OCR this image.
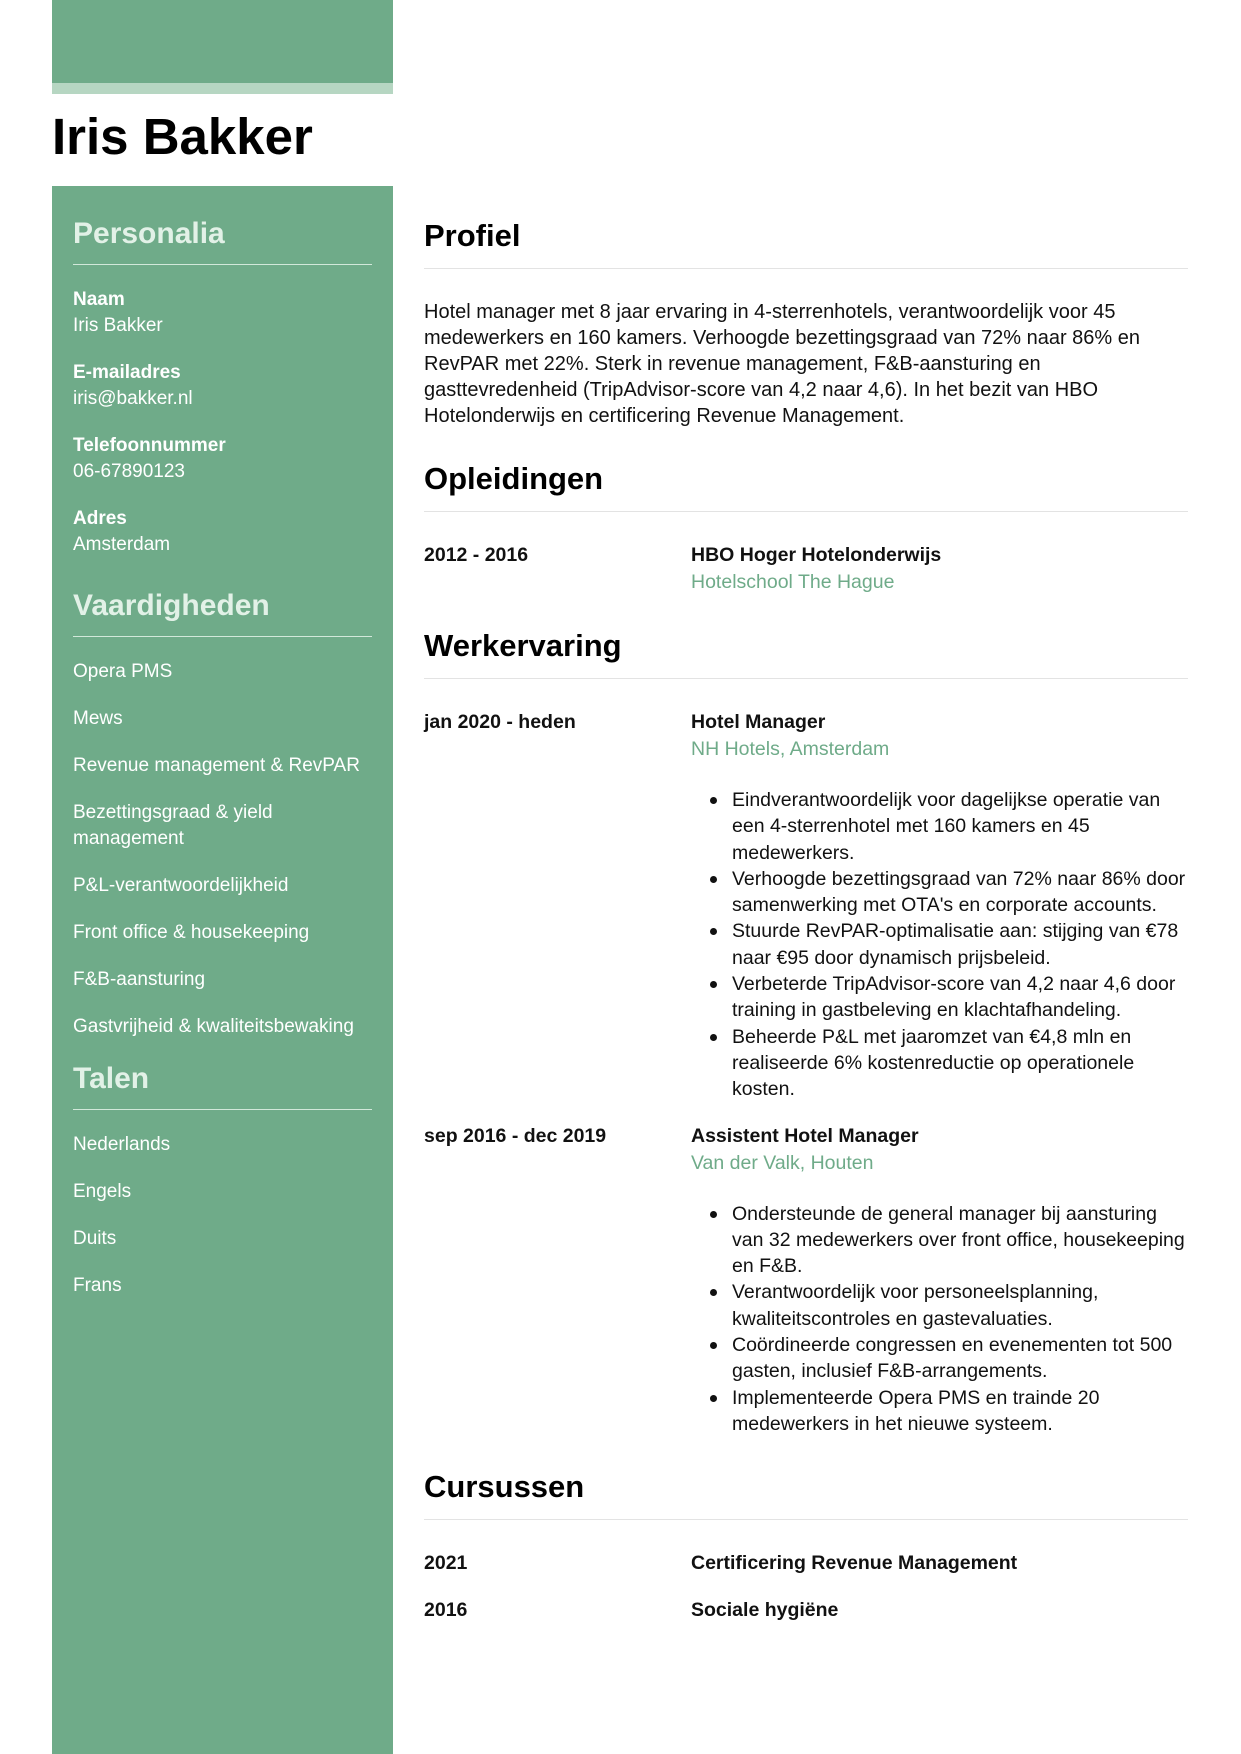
Iris Bakker
Personalia
Naam
Iris Bakker
E-mailadres
iris@bakker.nl
Telefoonnummer
06-67890123
Adres
Amsterdam
Vaardigheden
Opera PMS
Mews
Revenue management & RevPAR
Bezettingsgraad & yield management
P&L-verantwoordelijkheid
Front office & housekeeping
F&B-aansturing
Gastvrijheid & kwaliteitsbewaking
Talen
Nederlands
Engels
Duits
Frans
Profiel

Hotel manager met 8 jaar ervaring in 4-sterrenhotels, verantwoordelijk voor 45 medewerkers en 160 kamers. Verhoogde bezettingsgraad van 72% naar 86% en RevPAR met 22%. Sterk in revenue management, F&B-aansturing en gasttevredenheid (TripAdvisor-score van 4,2 naar 4,6). In het bezit van HBO Hotelonderwijs en certificering Revenue Management.

Opleidingen
2012 - 2016	HBO Hoger Hotelonderwijs
Hotelschool The Hague
Werkervaring
jan 2020 - heden	Hotel Manager
NH Hotels, Amsterdam
Eindverantwoordelijk voor dagelijkse operatie van een 4-sterrenhotel met 160 kamers en 45 medewerkers.
Verhoogde bezettingsgraad van 72% naar 86% door samenwerking met OTA's en corporate accounts.
Stuurde RevPAR-optimalisatie aan: stijging van €78 naar €95 door dynamisch prijsbeleid.
Verbeterde TripAdvisor-score van 4,2 naar 4,6 door training in gastbeleving en klachtafhandeling.
Beheerde P&L met jaaromzet van €4,8 mln en realiseerde 6% kostenreductie op operationele kosten.
sep 2016 - dec 2019	Assistent Hotel Manager
Van der Valk, Houten
Ondersteunde de general manager bij aansturing van 32 medewerkers over front office, housekeeping en F&B.
Verantwoordelijk voor personeelsplanning, kwaliteitscontroles en gastevaluaties.
Coördineerde congressen en evenementen tot 500 gasten, inclusief F&B-arrangements.
Implementeerde Opera PMS en trainde 20 medewerkers in het nieuwe systeem.
Cursussen
2021	Certificering Revenue Management
2016	Sociale hygiëne
